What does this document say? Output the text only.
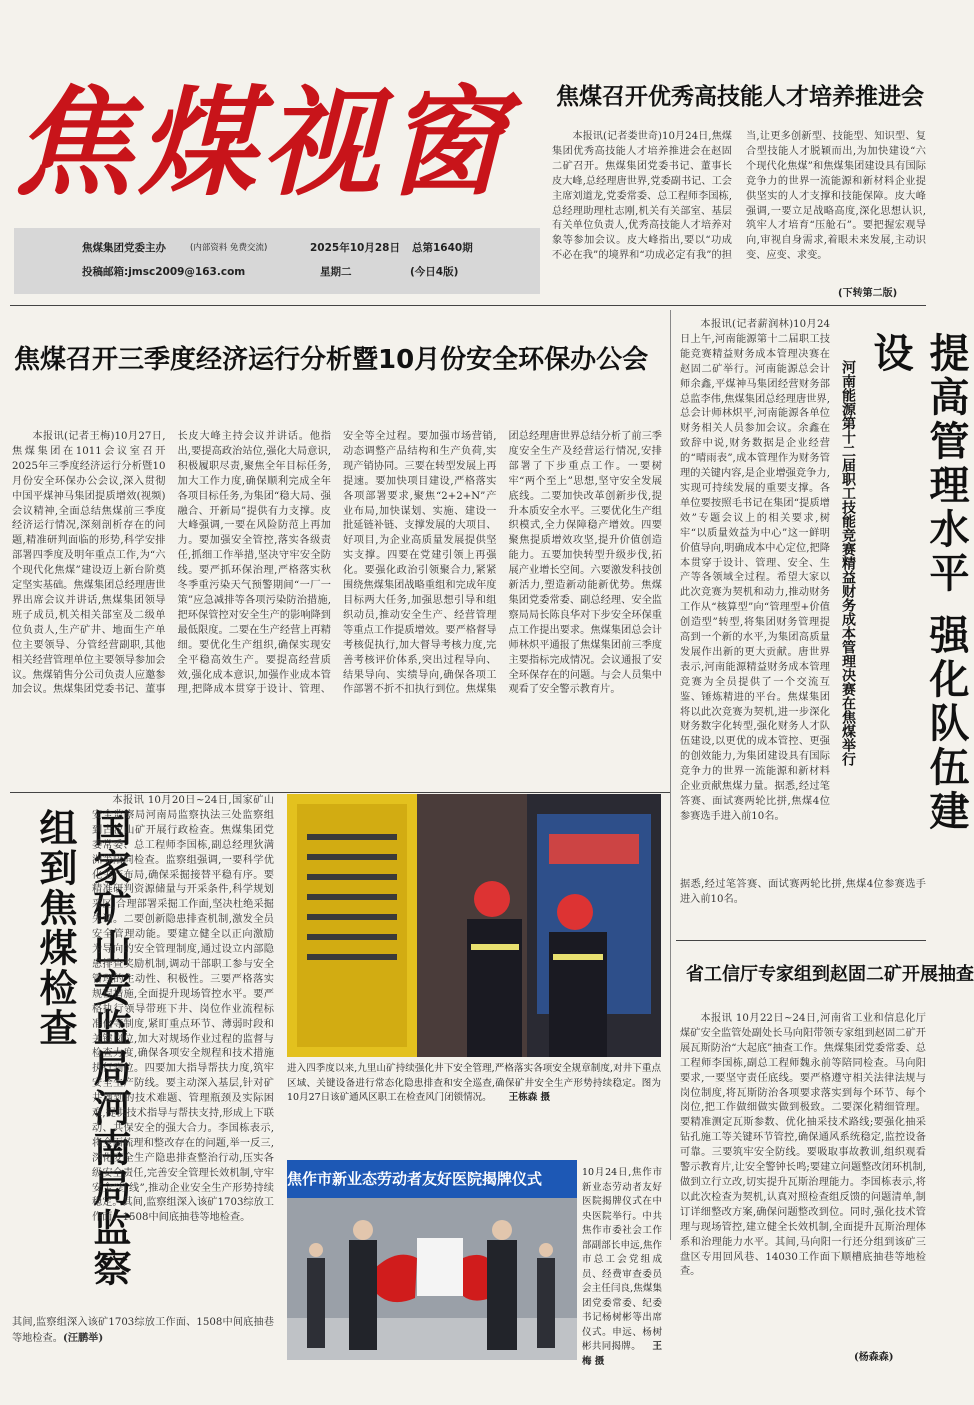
焦煤视窗
焦煤集团党委主办	(内部资料 免费交流)	2025年10月28日 总第1640期
投稿邮箱:jmsc2009@163.com	星期二	(今日4版)
焦煤召开优秀高技能人才培养推进会

本报讯(记者娄世奇)10月24日,焦煤集团优秀高技能人才培养推进会在赵固二矿召开。焦煤集团党委书记、董事长皮大峰,总经理唐世界,党委副书记、工会主席刘道龙,党委常委、总工程师李国栋,总经理助理杜志刚,机关有关部室、基层有关单位负责人,优秀高技能人才培养对象等参加会议。皮大峰指出,要以“功成不必在我”的境界和“功成必定有我”的担当,让更多创新型、技能型、知识型、复合型技能人才脱颖而出,为加快建设“六个现代化焦煤”和焦煤集团建设具有国际竞争力的世界一流能源和新材料企业提供坚实的人才支撑和技能保障。皮大峰强调,一要立足战略高度,深化思想认识,筑牢人才培育“压舱石”。要把握宏观导向,审视自身需求,着眼未来发展,主动识变、应变、求变。

(下转第二版)
焦煤召开三季度经济运行分析暨10月份安全环保办公会

本报讯(记者王梅)10月27日,焦煤集团在1011会议室召开2025年三季度经济运行分析暨10月份安全环保办公会议,深入贯彻中国平煤神马集团提质增效(视频)会议精神,全面总结焦煤前三季度经济运行情况,深刻剖析存在的问题,精准研判面临的形势,科学安排部署四季度及明年重点工作,为“六个现代化焦煤”建设迈上新台阶奠定坚实基础。焦煤集团总经理唐世界出席会议并讲话,焦煤集团领导班子成员,机关相关部室及二级单位负责人,生产矿井、地面生产单位主要领导、分管经营副职,其他相关经营管理单位主要领导参加会议。焦煤销售分公司负责人应邀参加会议。焦煤集团党委书记、董事长皮大峰主持会议并讲话。他指出,要提高政治站位,强化大局意识,积极履职尽责,聚焦全年目标任务,加大工作力度,确保顺利完成全年各项目标任务,为集团“稳大局、强融合、开新局”提供有力支撑。皮大峰强调,一要在风险防范上再加力。要加强安全管控,落实各级责任,抓细工作举措,坚决守牢安全防线。要严抓环保治理,严格落实秋冬季重污染天气预警期间“一厂一策”应急减排等各项污染防治措施,把环保管控对安全生产的影响降到最低限度。二要在生产经营上再精细。要优化生产组织,确保实现安全平稳高效生产。要提高经营质效,强化成本意识,加强作业成本管理,把降成本贯穿于设计、管理、安全等全过程。要加强市场营销,动态调整产品结构和生产负荷,实现产销协同。三要在转型发展上再提速。要加快项目建设,严格落实各项部署要求,聚焦“2+2+N”产业布局,加快谋划、实施、建设一批延链补链、支撑发展的大项目、好项目,为企业高质量发展提供坚实支撑。四要在党建引领上再强化。要强化政治引领聚合力,紧紧围绕焦煤集团战略重组和完成年度目标两大任务,加强思想引导和组织动员,推动安全生产、经营管理等重点工作提质增效。要严格督导考核促执行,加大督导考核力度,完善考核评价体系,突出过程导向、结果导向、实绩导向,确保各项工作部署不折不扣执行到位。焦煤集团总经理唐世界总结分析了前三季度安全生产及经营运行情况,安排部署了下步重点工作。一要树牢“两个至上”思想,坚守安全发展底线。二要加快改革创新步伐,提升本质安全水平。三要优化生产组织模式,全力保障稳产增效。四要聚焦提质增效攻坚,提升价值创造能力。五要加快转型升级步伐,拓展产业增长空间。六要激发科技创新活力,塑造新动能新优势。焦煤集团党委常委、副总经理、安全监察局局长陈良华对下步安全环保重点工作提出要求。焦煤集团总会计师林炽平通报了焦煤集团前三季度主要指标完成情况。会议通报了安全环保存在的问题。与会人员集中观看了安全警示教育片。	提高管理水平 强化队伍建设
河南能源第十二届职工技能竞赛精益财务成本管理决赛在焦煤举行

本报讯(记者薪润林)10月24日上午,河南能源第十二届职工技能竞赛精益财务成本管理决赛在赵固二矿举行。河南能源总会计师余鑫,平煤神马集团经营财务部总监李伟,焦煤集团总经理唐世界,总会计师林炽平,河南能源各单位财务相关人员参加会议。余鑫在致辞中说,财务数据是企业经营的“晴雨表”,成本管理作为财务管理的关键内容,是企业增强竞争力,实现可持续发展的重要支撑。各单位要按照毛书记在集团“提质增效”专题会议上的相关要求,树牢“以质量效益为中心”这一鲜明价值导向,明确成本中心定位,把降本贯穿于设计、管理、安全、生产等各领域全过程。希望大家以此次竞赛为契机和动力,推动财务工作从“核算型”向“管理型+价值创造型”转型,将集团财务管理提高到一个新的水平,为集团高质量发展作出新的更大贡献。唐世界表示,河南能源精益财务成本管理竞赛为全员提供了一个交流互鉴、锤炼精进的平台。焦煤集团将以此次竞赛为契机,进一步深化财务数字化转型,强化财务人才队伍建设,以更优的成本管控、更强的创效能力,为集团建设具有国际竞争力的世界一流能源和新材料企业贡献焦煤力量。据悉,经过笔答赛、面试赛两轮比拼,焦煤4位参赛选手进入前10名。

据悉,经过笔答赛、面试赛两轮比拼,焦煤4位参赛选手进入前10名。

国家矿山安监局河南局监察组到焦煤检查

本报讯 10月20日~24日,国家矿山安全监察局河南局监察执法三处监察组到古汉山矿开展行政检查。焦煤集团党委常委、总工程师李国栋,副总经理狄满洲等陪同检查。监察组强调,一要科学优化生产布局,确保采掘接替平稳有序。要精准研判资源储量与开采条件,科学规划采区,合理部署采掘工作面,坚决杜绝采掘失调。二要创新隐患排查机制,激发全员安全管理动能。要建立健全以正向激励为导向的安全管理制度,通过设立内部隐患排查奖励机制,调动干部职工参与安全管理的主动性、积极性。三要严格落实规程措施,全面提升现场管控水平。要严格执行领导带班下井、岗位作业流程标准化等制度,紧盯重点环节、薄弱时段和关键岗位,加大对规场作业过程的监督与检查力度,确保各项安全规程和技术措施执行到位。四要加大指导帮扶力度,筑牢安全生产防线。要主动深入基层,针对矿井遇到的技术难题、管理瓶颈及实际困难,提供技术指导与帮扶支持,形成上下联动、共保安全的强大合力。李国栋表示,将全面梳理和整改存在的问题,举一反三,深化安全生产隐患排查整治行动,压实各级安全责任,完善安全管理长效机制,守牢安全“红线”,推动企业安全生产形势持续稳定。其间,监察组深入该矿1703综放工作面、1508中间底抽巷等地检查。

其间,监察组深入该矿1703综放工作面、1508中间底抽巷等地检查。(汪鹏举)

进入四季度以来,九里山矿持续强化井下安全管理,严格落实各项安全规章制度,对井下重点区域、关键设备进行常态化隐患排查和安全巡查,确保矿井安全生产形势持续稳定。图为10月27日该矿通风区职工在检查风门闭锁情况。 王栋森 摄
焦作市新业态劳动者友好医院揭牌仪式	10月24日,焦作市新业态劳动者友好医院揭牌仪式在中央医院举行。中共焦作市委社会工作部副部长申远,焦作市总工会党组成员、经费审查委员会主任闫良,焦煤集团党委常委、纪委书记杨树彬等出席仪式。申远、杨树彬共同揭牌。 王梅 摄
省工信厅专家组到赵固二矿开展抽查

本报讯 10月22日~24日,河南省工业和信息化厅煤矿安全监管处副处长马向阳带领专家组到赵固二矿开展瓦斯防治“大起底”抽查工作。焦煤集团党委常委、总工程师李国栋,副总工程师魏永前等陪同检查。马向阳要求,一要坚守责任底线。要严格遵守相关法律法规与岗位制度,将瓦斯防治各项要求落实到每个环节、每个岗位,把工作做细做实做到极致。二要深化精细管理。要精准测定瓦斯参数、优化抽采技术路线;要强化抽采钻孔施工等关键环节管控,确保通风系统稳定,监控设备可靠。三要筑牢安全防线。要吸取事故教训,组织观看警示教育片,让安全警钟长鸣;要建立问题整改闭环机制,做到立行立改,切实提升瓦斯治理能力。李国栋表示,将以此次检查为契机,认真对照检查组反馈的问题清单,制订详细整改方案,确保问题整改到位。同时,强化技术管理与现场管控,建立健全长效机制,全面提升瓦斯治理体系和治理能力水平。其间,马向阳一行还分组到该矿三盘区专用回风巷、14030工作面下顺槽底抽巷等地检查。

(杨森森)
